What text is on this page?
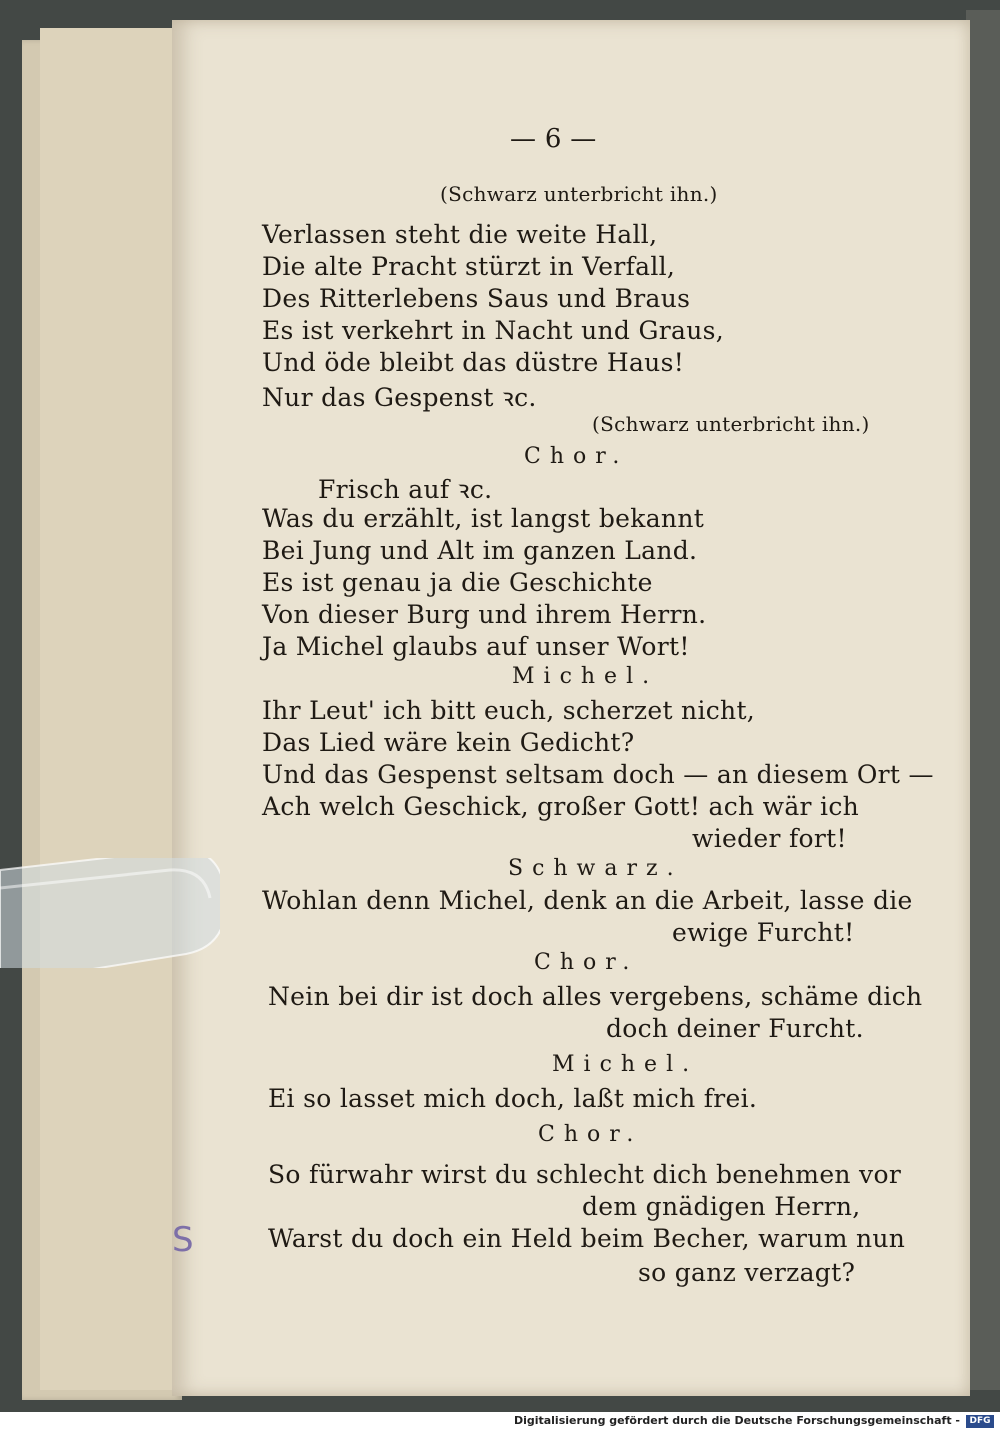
— 6 —
(Schwarz unterbricht ihn.)
Verlassen steht die weite Hall,
Die alte Pracht stürzt in Verfall,
Des Ritterlebens Saus und Braus
Es ist verkehrt in Nacht und Graus,
Und öde bleibt das düstre Haus!
Nur das Gespenst ꝛc.
(Schwarz unterbricht ihn.)
Chor.
Frisch auf ꝛc.
Was du erzählt, ist langst bekannt
Bei Jung und Alt im ganzen Land.
Es ist genau ja die Geschichte
Von dieser Burg und ihrem Herrn.
Ja Michel glaubs auf unser Wort!
Michel.
Ihr Leut' ich bitt euch, scherzet nicht,
Das Lied wäre kein Gedicht?
Und das Gespenst seltsam doch — an diesem Ort —
Ach welch Geschick, großer Gott! ach wär ich
wieder fort!
Schwarz.
Wohlan denn Michel, denk an die Arbeit, lasse die
ewige Furcht!
Chor.
Nein bei dir ist doch alles vergebens, schäme dich
doch deiner Furcht.
Michel.
Ei so lasset mich doch, laßt mich frei.
Chor.
So fürwahr wirst du schlecht dich benehmen vor
dem gnädigen Herrn,
Warst du doch ein Held beim Becher, warum nun
so ganz verzagt?
S
Digitalisierung gefördert durch die Deutsche Forschungsgemeinschaft -	DFG
